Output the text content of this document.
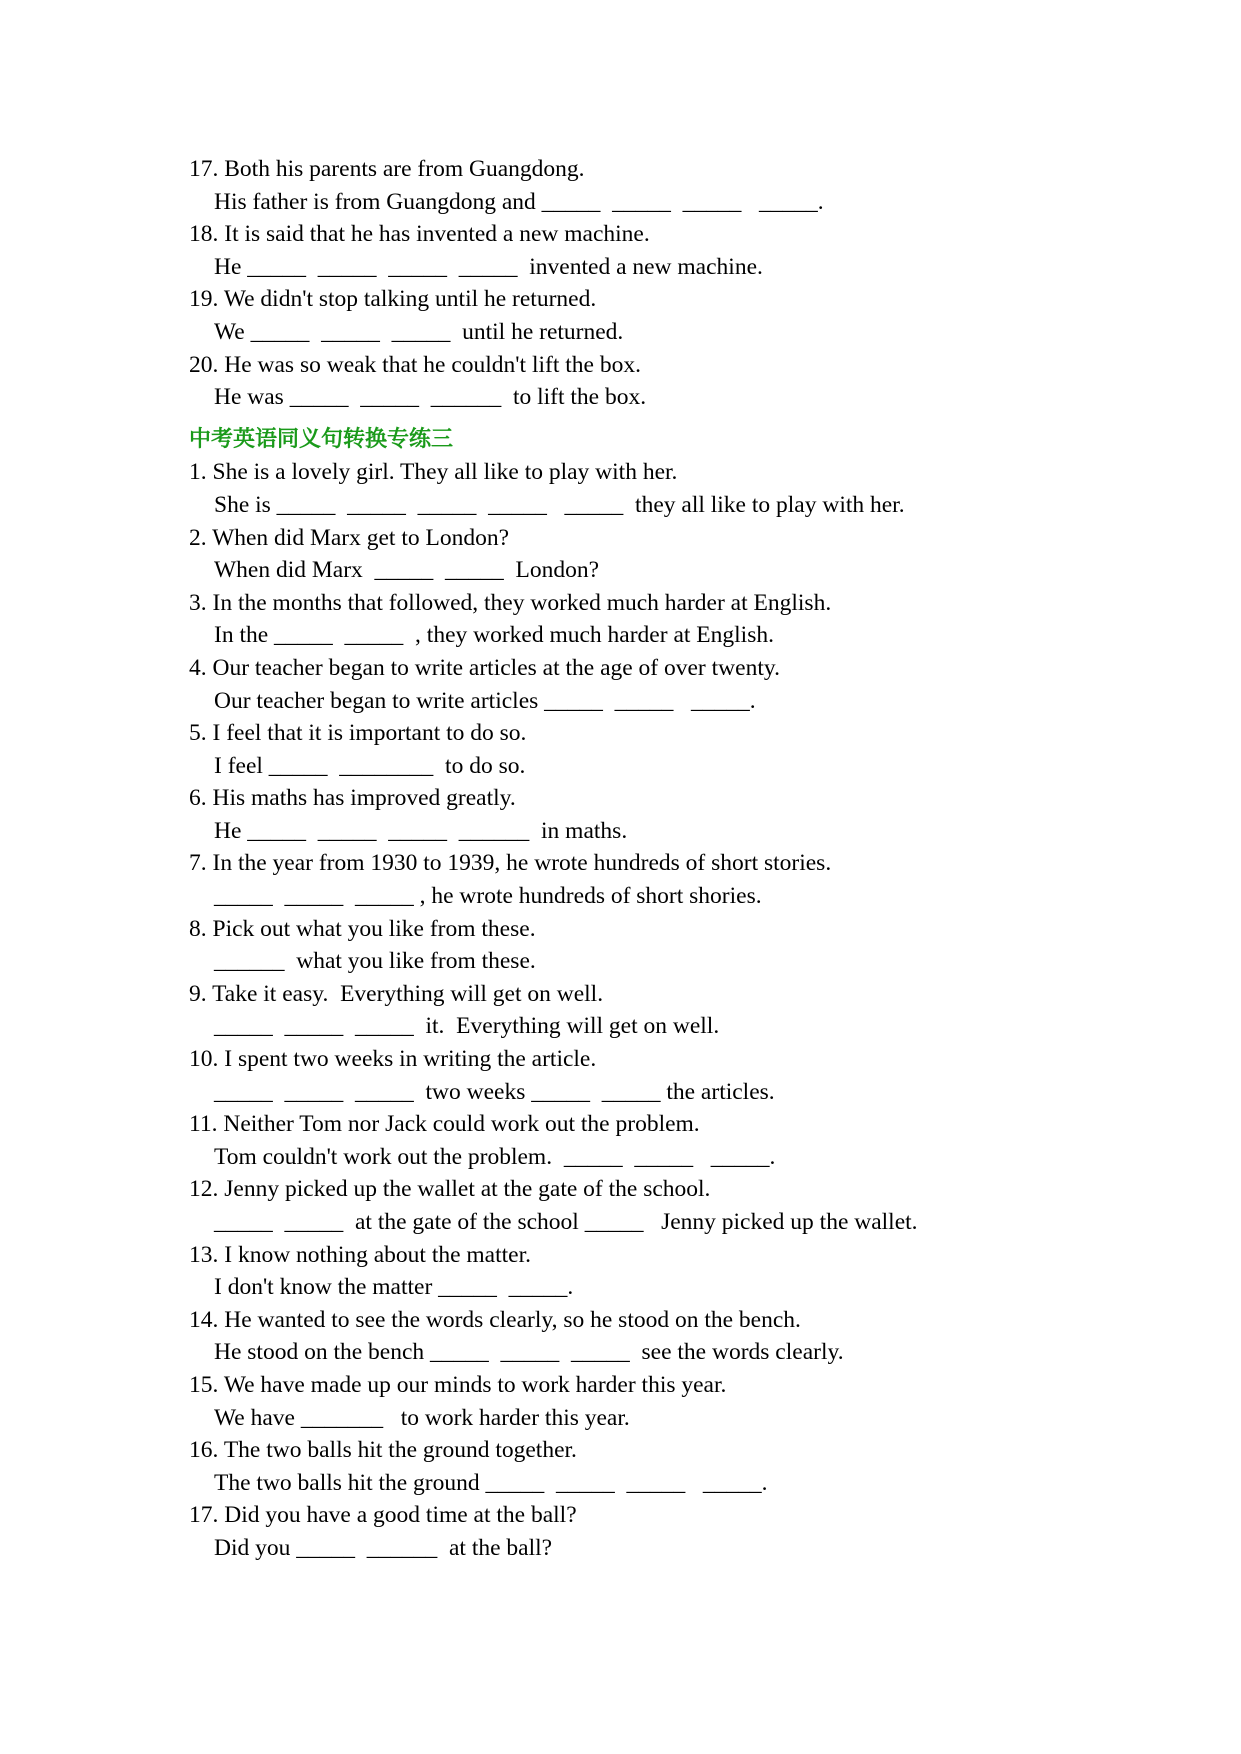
17. Both his parents are from Guangdong.
His father is from Guangdong and _____  _____  _____   _____.
18. It is said that he has invented a new machine.
He _____  _____  _____  _____  invented a new machine.
19. We didn't stop talking until he returned.
We _____  _____  _____  until he returned.
20. He was so weak that he couldn't lift the box.
He was _____  _____  ______  to lift the box.
中考英语同义句转换专练三
1. She is a lovely girl. They all like to play with her.
She is _____  _____  _____  _____   _____  they all like to play with her.
2. When did Marx get to London?
When did Marx  _____  _____  London?
3. In the months that followed, they worked much harder at English.
In the _____  _____  , they worked much harder at English.
4. Our teacher began to write articles at the age of over twenty.
Our teacher began to write articles _____  _____   _____.
5. I feel that it is important to do so.
I feel _____  ________  to do so.
6. His maths has improved greatly.
He _____  _____  _____  ______  in maths.
7. In the year from 1930 to 1939, he wrote hundreds of short stories.
_____  _____  _____ , he wrote hundreds of short shories.
8. Pick out what you like from these.
______  what you like from these.
9. Take it easy.  Everything will get on well.
_____  _____  _____  it.  Everything will get on well.
10. I spent two weeks in writing the article.
_____  _____  _____  two weeks _____  _____ the articles.
11. Neither Tom nor Jack could work out the problem.
Tom couldn't work out the problem.  _____  _____   _____.
12. Jenny picked up the wallet at the gate of the school.
_____  _____  at the gate of the school _____   Jenny picked up the wallet.
13. I know nothing about the matter.
I don't know the matter _____  _____.
14. He wanted to see the words clearly, so he stood on the bench.
He stood on the bench _____  _____  _____  see the words clearly.
15. We have made up our minds to work harder this year.
We have _______   to work harder this year.
16. The two balls hit the ground together.
The two balls hit the ground _____  _____  _____   _____.
17. Did you have a good time at the ball?
Did you _____  ______  at the ball?
